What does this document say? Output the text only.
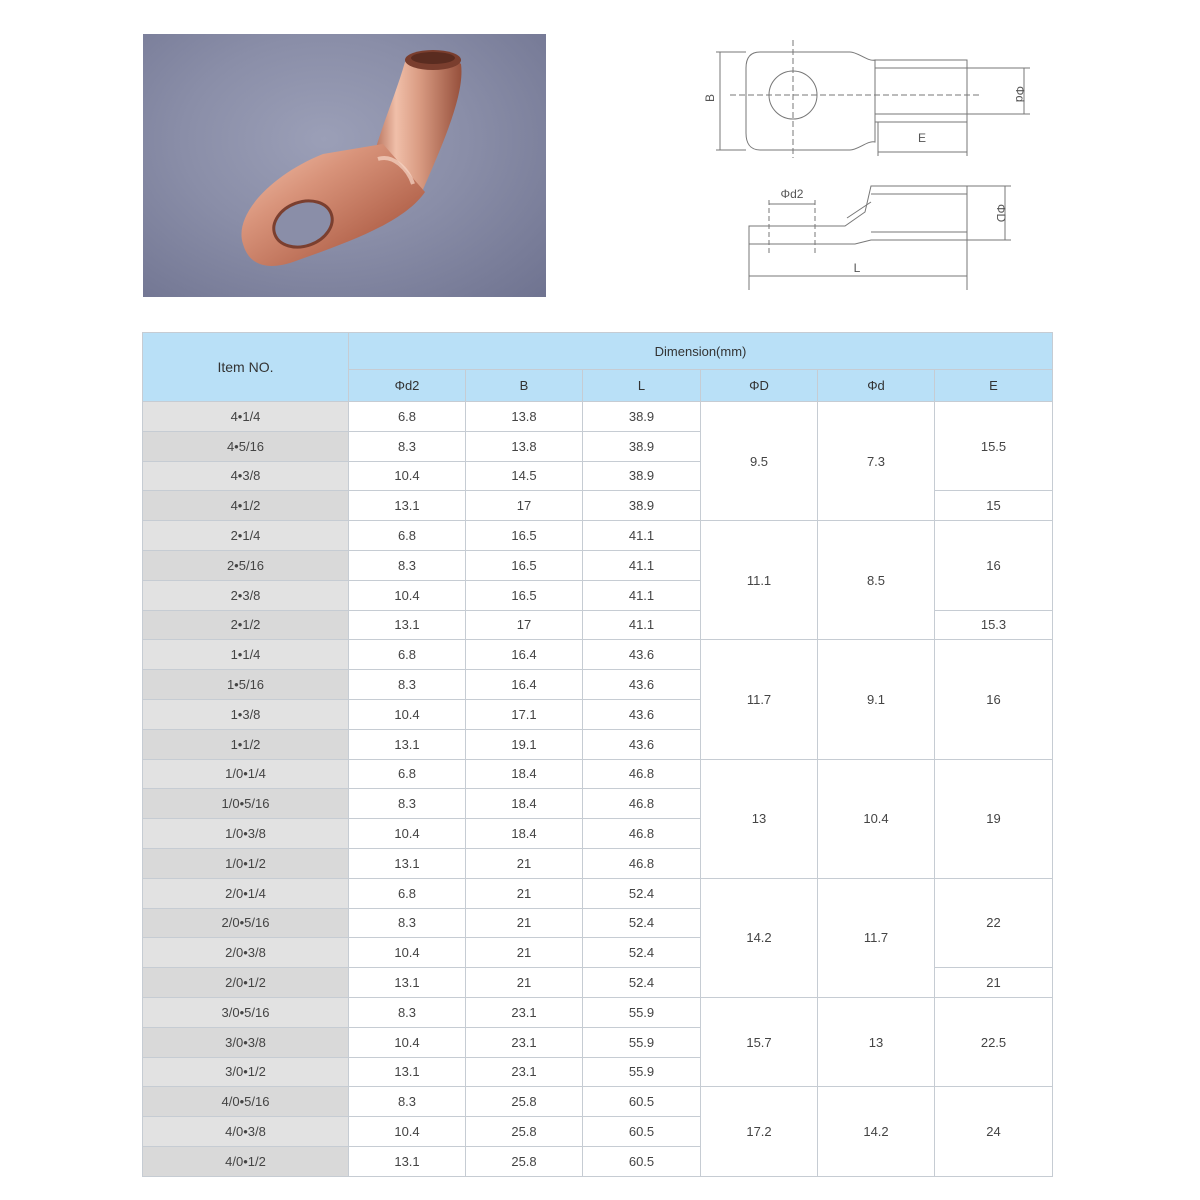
B	Φd
E
Φd2
ΦD
L
Item NO.	Dimension(mm)					
	Φd2	B	L	ΦD	Φd	E
4•1/4	6.8	13.8	38.9	9.5	7.3	15.5
4•5/16	8.3	13.8	38.9			
4•3/8	10.4	14.5	38.9			
4•1/2	13.1	17	38.9			15
2•1/4	6.8	16.5	41.1	11.1	8.5	16
2•5/16	8.3	16.5	41.1			
2•3/8	10.4	16.5	41.1			
2•1/2	13.1	17	41.1			15.3
1•1/4	6.8	16.4	43.6	11.7	9.1	16
1•5/16	8.3	16.4	43.6			
1•3/8	10.4	17.1	43.6			
1•1/2	13.1	19.1	43.6			
1/0•1/4	6.8	18.4	46.8	13	10.4	19
1/0•5/16	8.3	18.4	46.8			
1/0•3/8	10.4	18.4	46.8			
1/0•1/2	13.1	21	46.8			
2/0•1/4	6.8	21	52.4	14.2	11.7	22
2/0•5/16	8.3	21	52.4			
2/0•3/8	10.4	21	52.4			
2/0•1/2	13.1	21	52.4			21
3/0•5/16	8.3	23.1	55.9	15.7	13	22.5
3/0•3/8	10.4	23.1	55.9			
3/0•1/2	13.1	23.1	55.9			
4/0•5/16	8.3	25.8	60.5	17.2	14.2	24
4/0•3/8	10.4	25.8	60.5			
4/0•1/2	13.1	25.8	60.5			
